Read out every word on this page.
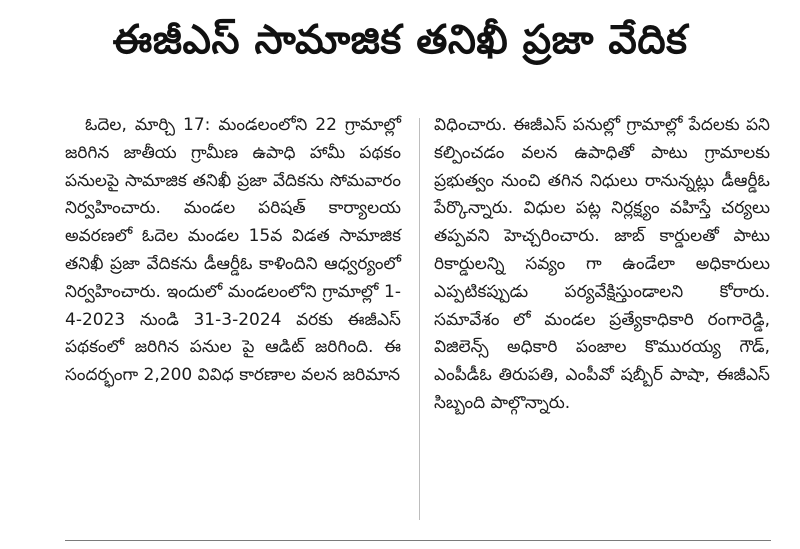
ఈజీఎస్ సామాజిక తనిఖీ ప్రజా వేదిక

ఓదెల, మార్చి 17: మండలంలోని 22 గ్రామాల్లో జరిగిన జాతీయ గ్రామీణ ఉపాధి హామీ పథకం పనులపై సామాజిక తనిఖీ ప్రజా వేదికను సోమవారం నిర్వహించారు. మండల పరిషత్ కార్యాలయ అవరణలో ఓదెల మండల 15వ విడత సామాజిక తనిఖీ ప్రజా వేదికను డీఆర్డీఓ కాళిందిని ఆధ్వర్యంలో నిర్వహించారు. ఇందులో మండలంలోని గ్రామాల్లో 1-4-2023 నుండి 31-3-2024 వరకు ఈజీఎస్ పథకంలో జరిగిన పనుల పై ఆడిట్ జరిగింది. ఈ సందర్భంగా 2,200 వివిధ కారణాల వలన జరిమాన

విధించారు. ఈజీఎస్ పనుల్లో గ్రామాల్లో పేదలకు పని కల్పించడం వలన ఉపాధితో పాటు గ్రామాలకు ప్రభుత్వం నుంచి తగిన నిధులు రానున్నట్లు డీఆర్డీఓ పేర్కొన్నారు. విధుల పట్ల నిర్లక్ష్యం వహిస్తే చర్యలు తప్పవని హెచ్చరించారు. జాబ్ కార్డులతో పాటు రికార్డులన్ని సవ్యం గా ఉండేలా అధికారులు ఎప్పటికప్పుడు పర్యవేక్షిస్తుండాలని కోరారు. సమావేశం లో మండల ప్రత్యేకాధికారి రంగారెడ్డి, విజిలెన్స్ అధికారి పంజాల కొమురయ్య గౌడ్, ఎంపీడీఓ తిరుపతి, ఎంపీవో షబ్బీర్ పాషా, ఈజీఎస్ సిబ్బంది పాల్గొన్నారు.
